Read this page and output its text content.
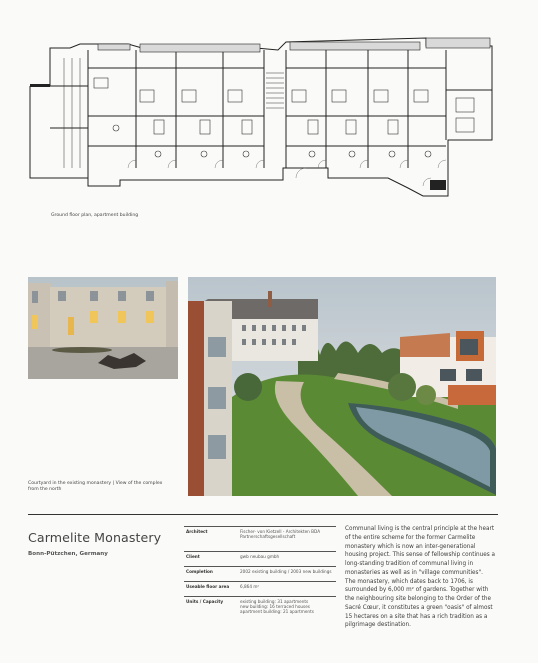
Ground floor plan, apartment building
Courtyard in the existing monastery | View of the complex
from the north
Carmelite Monastery
Bonn-Pützchen, Germany
Architect	Fischer- von Kietzell - Architekten BDA
Partnerschaftsgesellschaft
Client	gwb neubau gmbh
Completion	2002 existing building / 2003 new buildings
Useable floor area	6,864 m²
Units / Capacity	existing building: 31 apartments
new building: 16 terraced houses
apartment building: 21 apartments
Communal living is the central principle at the heart of the entire scheme for the former Carmelite monastery which is now an inter-generational housing project. This sense of fellowship continues a long-standing tradition of communal living in monasteries as well as in "village communities". The monastery, which dates back to 1706, is surrounded by 6,000 m² of gardens. Together with the neighbouring site belonging to the Order of the Sacré Cœur, it constitutes a green "oasis" of almost 15 hectares on a site that has a rich tradition as a pilgrimage destination.
